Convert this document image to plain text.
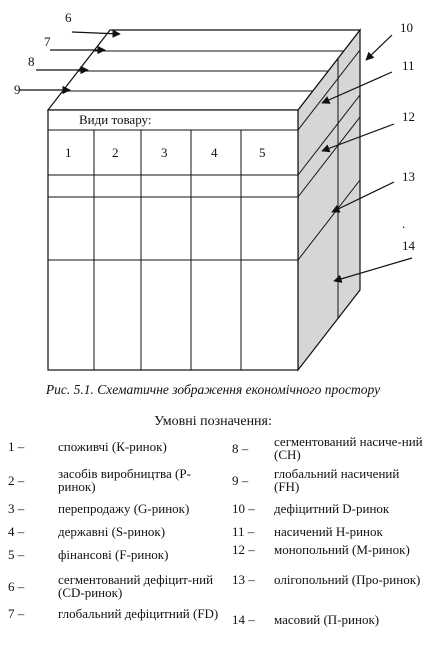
6
7
8
9
10
11
12
13
.
14
Види товару:
1	2	3	4	5
Рис. 5.1. Схематичне зображення економічного простору
Умовні позначення:
1 –	споживчі (К-ринок)
2 –	засобів виробництва (Р-ринок)
3 –	перепродажу (G-ринок)
4 –	державні (S-ринок)
5 –	фінансові (F-ринок)
6 –	сегментований дефіцит-ний (CD-ринок)
7 –	глобальний дефіцитний (FD)
8 –	сегментований насиче-ний (СН)
9 –	глобальний насичений (FH)
10 –	дефіцитний D-ринок
11 –	насичений Н-ринок
12 –	монопольний (М-ринок)
13 –	олігопольний (Про-ринок)
14 –	масовий (П-ринок)
